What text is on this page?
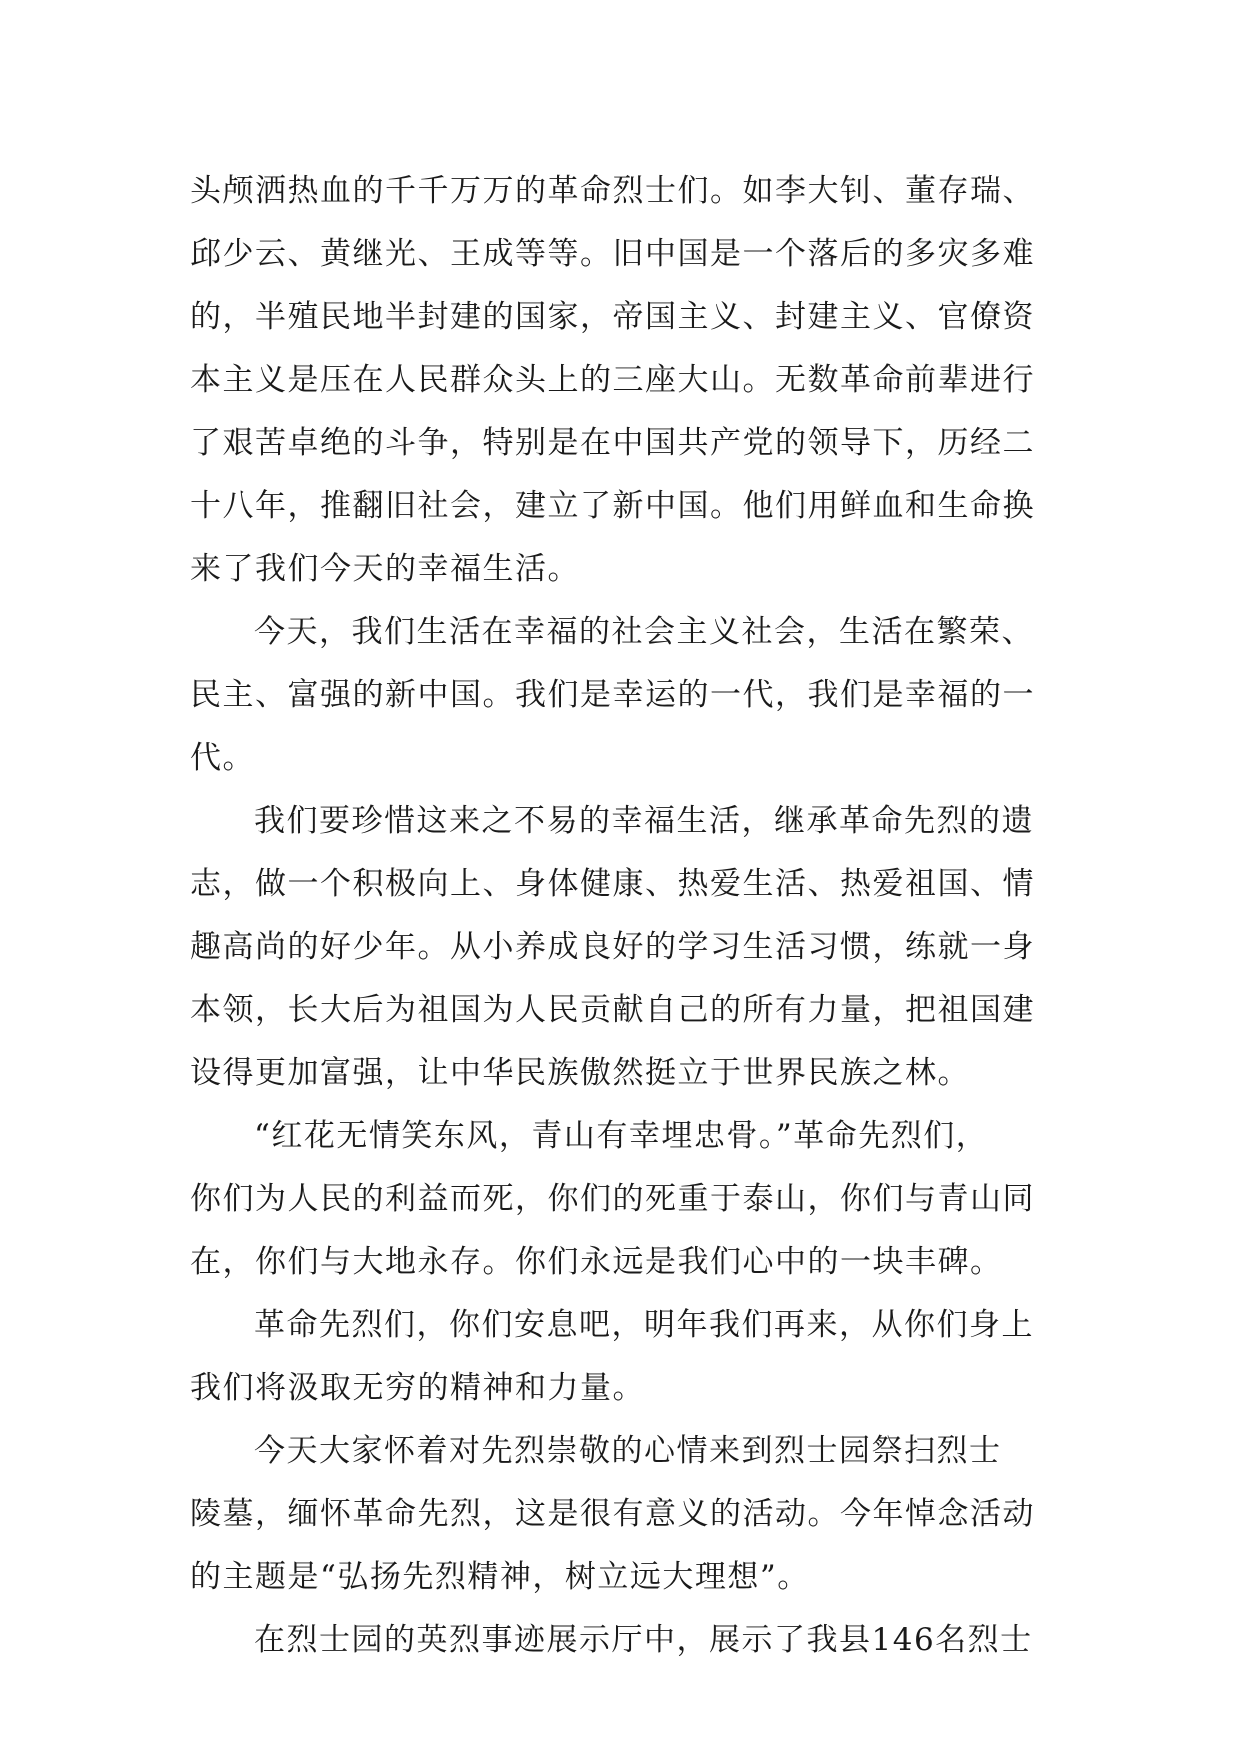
头颅洒热血的千千万万的革命烈士们。如李大钊、董存瑞、
邱少云、黄继光、王成等等。旧中国是一个落后的多灾多难
的，半殖民地半封建的国家，帝国主义、封建主义、官僚资
本主义是压在人民群众头上的三座大山。无数革命前辈进行
了艰苦卓绝的斗争，特别是在中国共产党的领导下，历经二
十八年，推翻旧社会，建立了新中国。他们用鲜血和生命换
来了我们今天的幸福生活。
今天，我们生活在幸福的社会主义社会，生活在繁荣、
民主、富强的新中国。我们是幸运的一代，我们是幸福的一
代。
我们要珍惜这来之不易的幸福生活，继承革命先烈的遗
志，做一个积极向上、身体健康、热爱生活、热爱祖国、情
趣高尚的好少年。从小养成良好的学习生活习惯，练就一身
本领，长大后为祖国为人民贡献自己的所有力量，把祖国建
设得更加富强，让中华民族傲然挺立于世界民族之林。
“红花无情笑东风，青山有幸埋忠骨。”革命先烈们，
你们为人民的利益而死，你们的死重于泰山，你们与青山同
在，你们与大地永存。你们永远是我们心中的一块丰碑。
革命先烈们，你们安息吧，明年我们再来，从你们身上
我们将汲取无穷的精神和力量。
今天大家怀着对先烈崇敬的心情来到烈士园祭扫烈士
陵墓，缅怀革命先烈，这是很有意义的活动。今年悼念活动
的主题是“弘扬先烈精神，树立远大理想”。
在烈士园的英烈事迹展示厅中，展示了我县146名烈士
